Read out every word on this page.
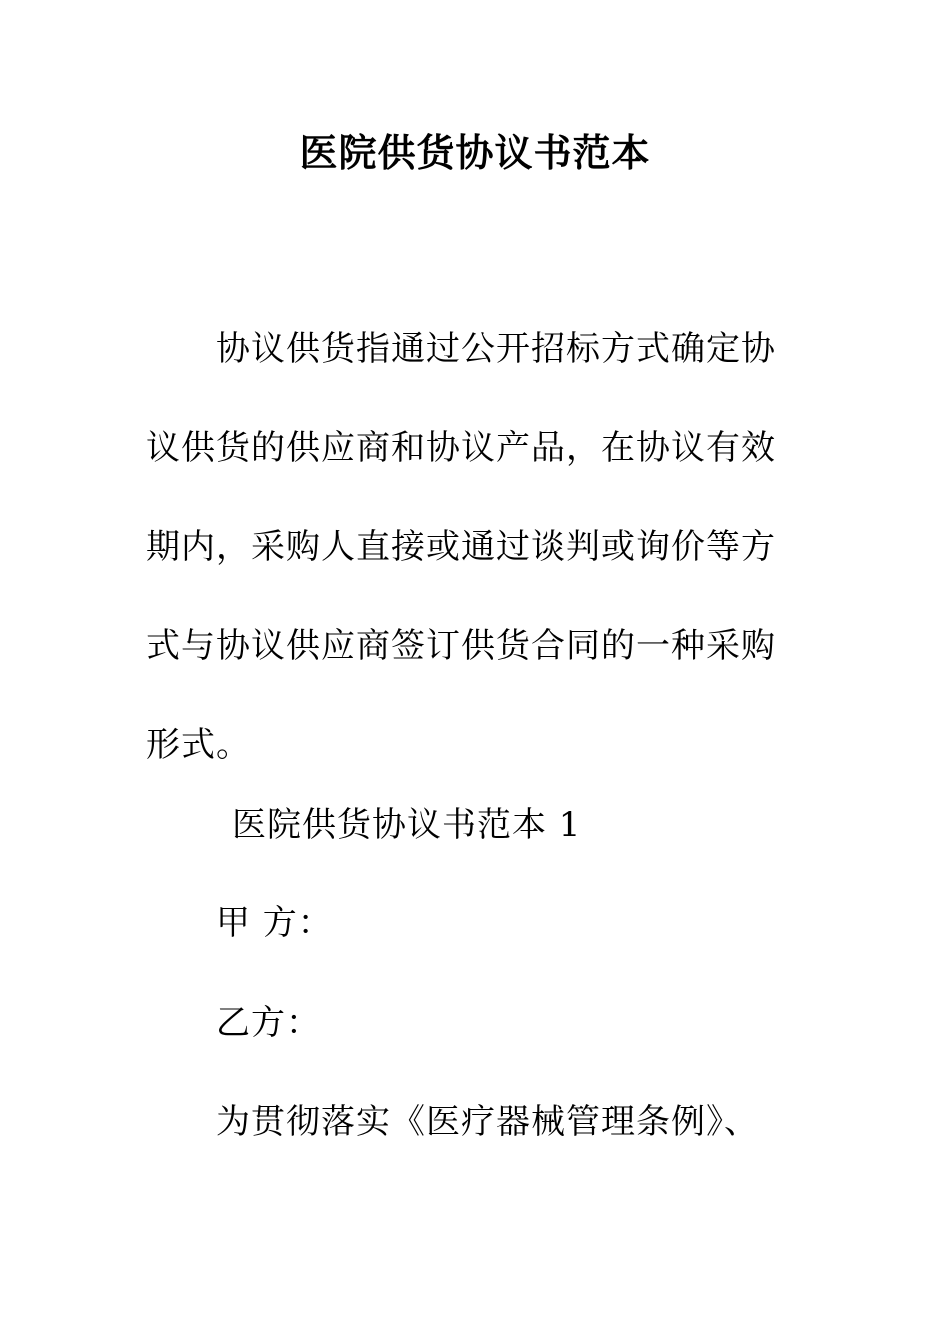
医院供货协议书范本

协议供货指通过公开招标方式确定协议供货的供应商和协议产品，在协议有效期内，采购人直接或通过谈判或询价等方式与协议供应商签订供货合同的一种采购形式。

医院供货协议书范本 1
甲 方：
乙方：
为贯彻落实《医疗器械管理条例》、
